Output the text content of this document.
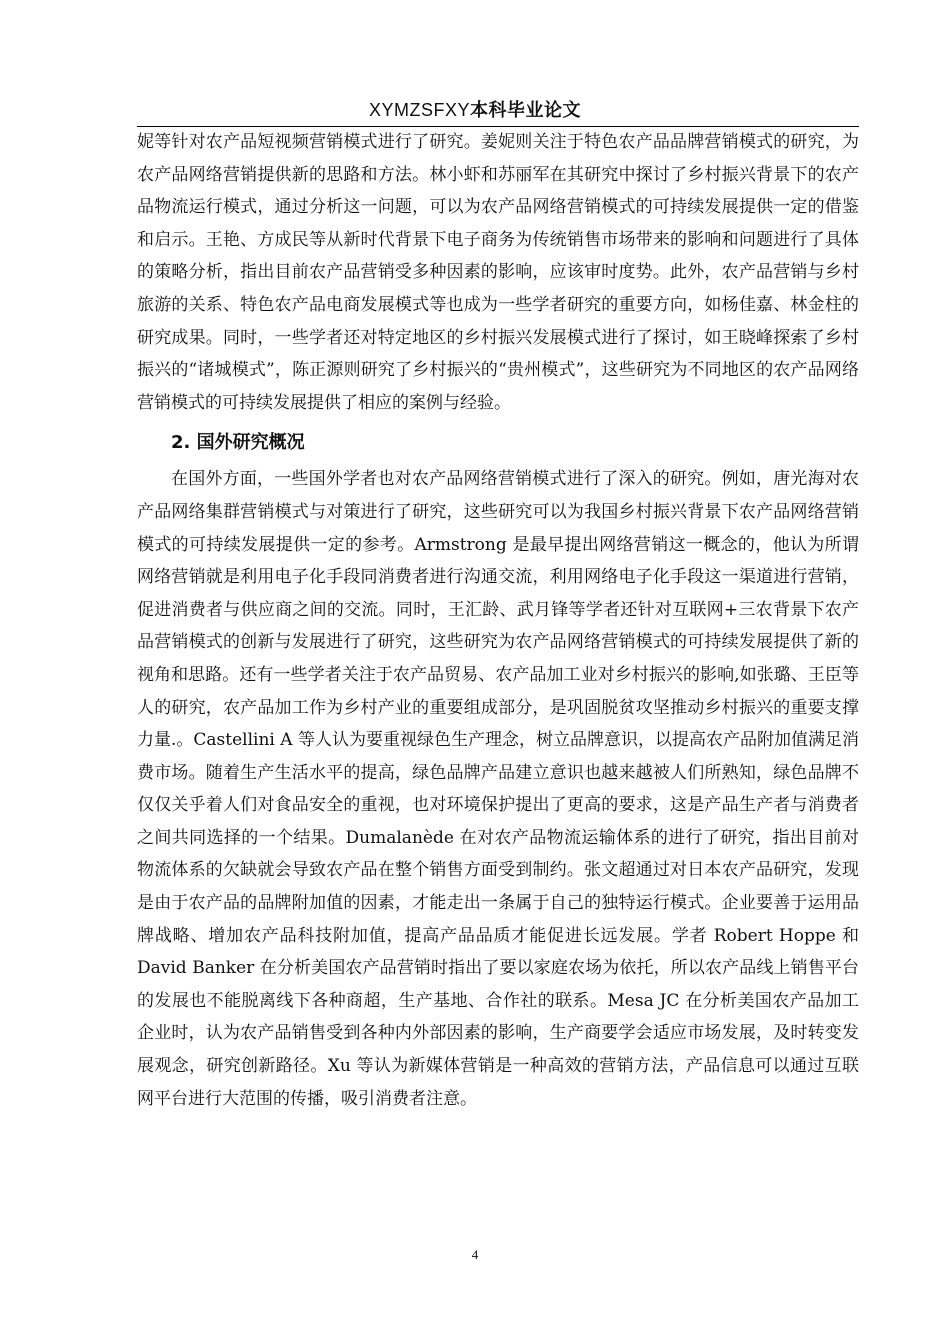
XYMZSFXY本科毕业论文

妮等针对农产品短视频营销模式进行了研究。姜妮则关注于特色农产品品牌营销模式的研究，为农产品网络营销提供新的思路和方法。林小虾和苏丽军在其研究中探讨了乡村振兴背景下的农产品物流运行模式，通过分析这一问题，可以为农产品网络营销模式的可持续发展提供一定的借鉴和启示。王艳、方成民等从新时代背景下电子商务为传统销售市场带来的影响和问题进行了具体的策略分析，指出目前农产品营销受多种因素的影响，应该审时度势。此外，农产品营销与乡村旅游的关系、特色农产品电商发展模式等也成为一些学者研究的重要方向，如杨佳嘉、林金柱的研究成果。同时，一些学者还对特定地区的乡村振兴发展模式进行了探讨，如王晓峰探索了乡村振兴的“诸城模式”，陈正源则研究了乡村振兴的“贵州模式”，这些研究为不同地区的农产品网络营销模式的可持续发展提供了相应的案例与经验。

2. 国外研究概况

在国外方面，一些国外学者也对农产品网络营销模式进行了深入的研究。例如，唐光海对农产品网络集群营销模式与对策进行了研究，这些研究可以为我国乡村振兴背景下农产品网络营销模式的可持续发展提供一定的参考。Armstrong 是最早提出网络营销这一概念的，他认为所谓网络营销就是利用电子化手段同消费者进行沟通交流，利用网络电子化手段这一渠道进行营销，促进消费者与供应商之间的交流。同时，王汇龄、武月锋等学者还针对互联网+三农背景下农产品营销模式的创新与发展进行了研究，这些研究为农产品网络营销模式的可持续发展提供了新的视角和思路。还有一些学者关注于农产品贸易、农产品加工业对乡村振兴的影响,如张璐、王臣等人的研究，农产品加工作为乡村产业的重要组成部分，是巩固脱贫攻坚推动乡村振兴的重要支撑力量.。Castellini A 等人认为要重视绿色生产理念，树立品牌意识，以提高农产品附加值满足消费市场。随着生产生活水平的提高，绿色品牌产品建立意识也越来越被人们所熟知，绿色品牌不仅仅关乎着人们对食品安全的重视，也对环境保护提出了更高的要求，这是产品生产者与消费者之间共同选择的一个结果。Dumalanède 在对农产品物流运输体系的进行了研究，指出目前对物流体系的欠缺就会导致农产品在整个销售方面受到制约。张文超通过对日本农产品研究，发现是由于农产品的品牌附加值的因素，才能走出一条属于自己的独特运行模式。企业要善于运用品牌战略、增加农产品科技附加值，提高产品品质才能促进长远发展。学者 Robert Hoppe 和 David Banker 在分析美国农产品营销时指出了要以家庭农场为依托，所以农产品线上销售平台的发展也不能脱离线下各种商超，生产基地、合作社的联系。Mesa JC 在分析美国农产品加工企业时，认为农产品销售受到各种内外部因素的影响，生产商要学会适应市场发展，及时转变发展观念，研究创新路径。Xu 等认为新媒体营销是一种高效的营销方法，产品信息可以通过互联网平台进行大范围的传播，吸引消费者注意。

4
